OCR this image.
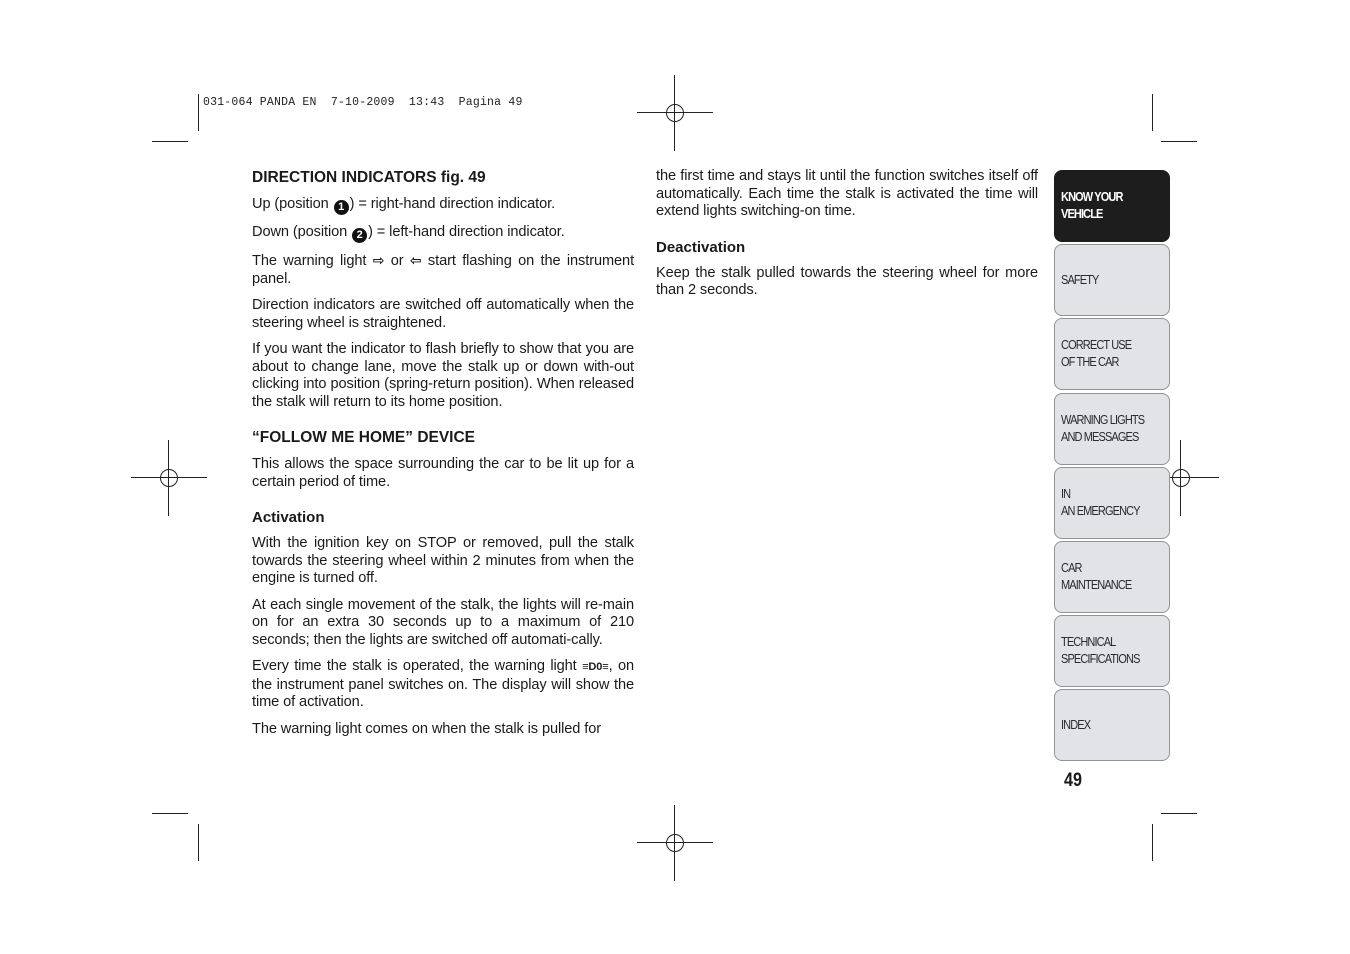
031-064 PANDA EN  7-10-2009  13:43  Pagina 49
DIRECTION INDICATORS fig. 49

Up (position 1 ) = right-hand direction indicator.

Down (position 2 ) = left-hand direction indicator.

The warning light ⇨ or ⇦ start flashing on the instrument panel.

Direction indicators are switched off automatically when the steering wheel is straightened.

If you want the indicator to flash briefly to show that you are about to change lane, move the stalk up or down with-out clicking into position (spring-return position). When released the stalk will return to its home position.

“FOLLOW ME HOME” DEVICE

This allows the space surrounding the car to be lit up for a certain period of time.

Activation

With the ignition key on STOP or removed, pull the stalk towards the steering wheel within 2 minutes from when the engine is turned off.

At each single movement of the stalk, the lights will re-main on for an extra 30 seconds up to a maximum of 210 seconds; then the lights are switched off automati-cally.

Every time the stalk is operated, the warning light ≡D0≡, on the instrument panel switches on. The display will show the time of activation.

The warning light comes on when the stalk is pulled for

the first time and stays lit until the function switches itself off automatically. Each time the stalk is activated the time will extend lights switching-on time.

Deactivation

Keep the stalk pulled towards the steering wheel for more than 2 seconds.

KNOW YOUR
VEHICLE
SAFETY
CORRECT USE
OF THE CAR
WARNING LIGHTS
AND MESSAGES
IN
AN EMERGENCY
CAR
MAINTENANCE
TECHNICAL
SPECIFICATIONS
INDEX
49
